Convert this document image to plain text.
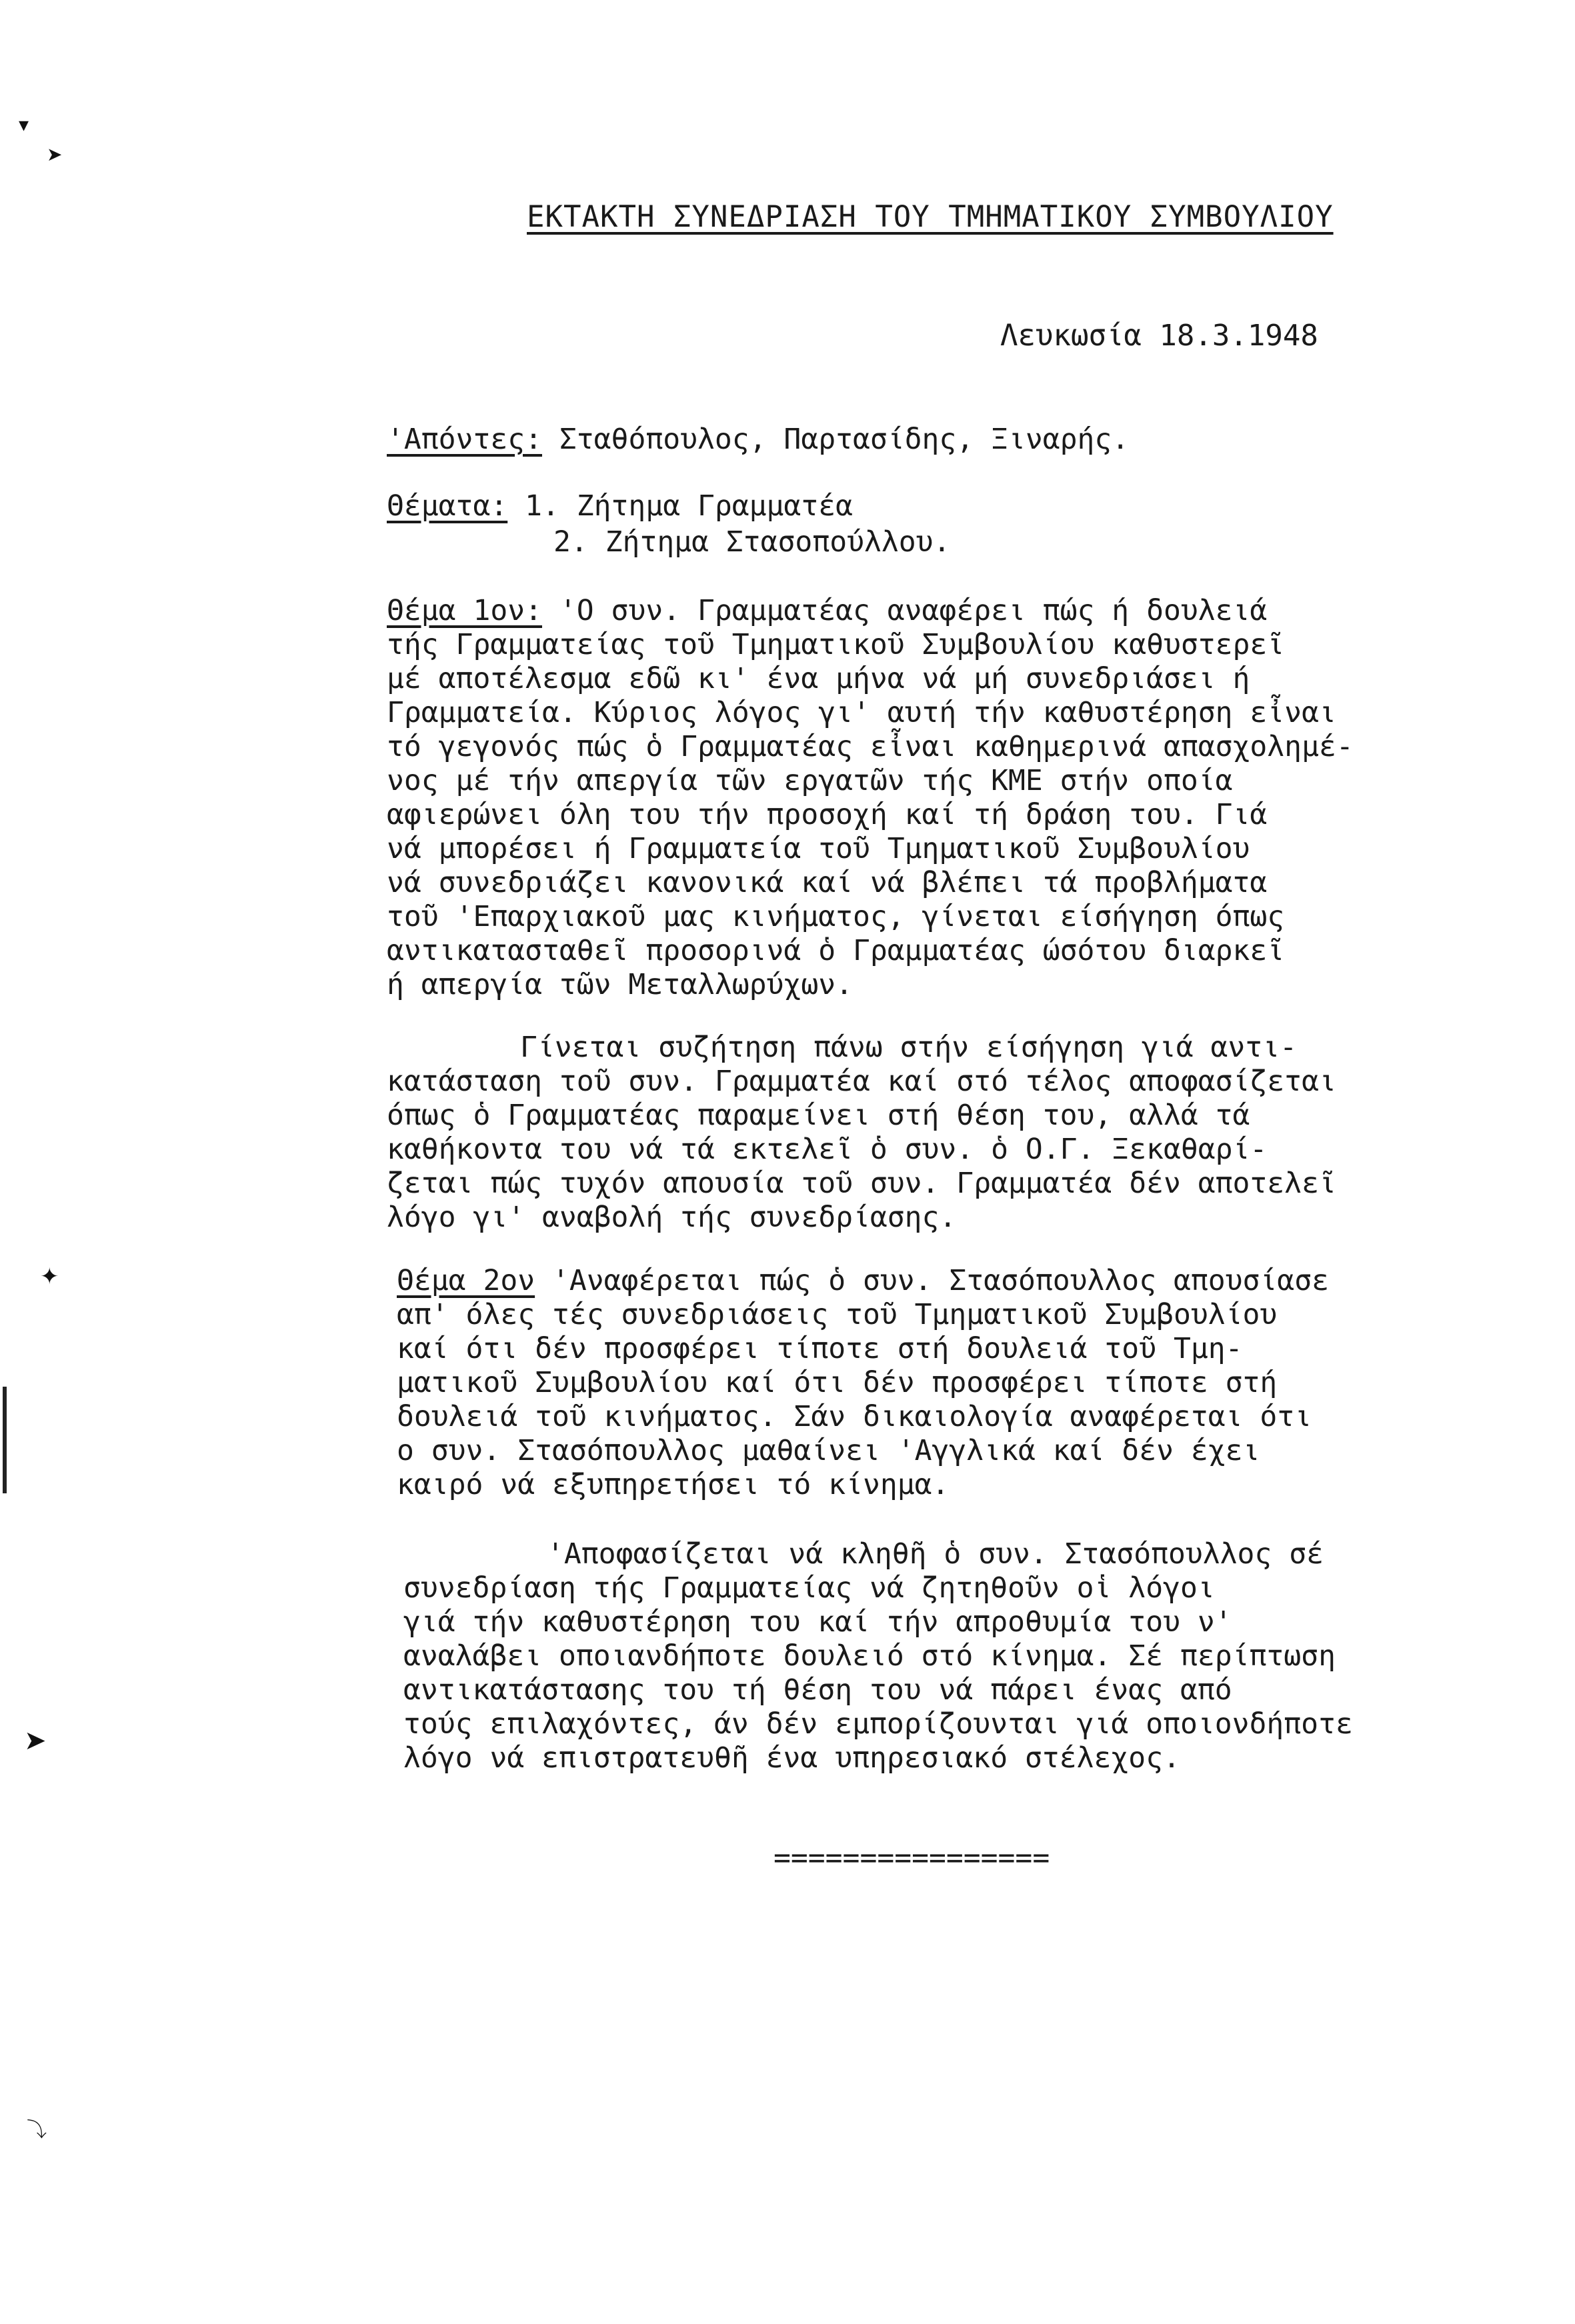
▾
➤
✦
➤
⤵
ΕΚΤΑΚΤΗ ΣΥΝΕΔΡΙΑΣΗ ΤΟΥ ΤΜΗΜΑΤΙΚΟΥ ΣΥΜΒΟΥΛΙΟΥ
Λευκωσία 18.3.1948
'Απόντες: Σταθόπουλος, Παρτασίδης, Ξιναρής.
Θέματα: 1. Ζήτημα Γραμματέα
2. Ζήτημα Στασοπούλλου.
Θέμα 1ον: 'Ο συν. Γραμματέας αναφέρει πώς ή δουλειά
τής Γραμματείας τοῦ Τμηματικοῦ Συμβουλίου καθυστερεῖ
μέ αποτέλεσμα εδῶ κι' ένα μήνα νά μή συνεδριάσει ή
Γραμματεία. Κύριος λόγος γι' αυτή τήν καθυστέρηση εἶναι
τό γεγονός πώς ὁ Γραμματέας εἶναι καθημερινά απασχολημέ-
νος μέ τήν απεργία τῶν εργατῶν τής ΚΜΕ στήν οποία
αφιερώνει όλη του τήν προσοχή καί τή δράση του. Γιά
νά μπορέσει ή Γραμματεία τοῦ Τμηματικοῦ Συμβουλίου
νά συνεδριάζει κανονικά καί νά βλέπει τά προβλήματα
τοῦ 'Επαρχιακοῦ μας κινήματος, γίνεται είσήγηση όπως
αντικατασταθεῖ προσορινά ὁ Γραμματέας ώσότου διαρκεῖ
ή απεργία τῶν Μεταλλωρύχων.
Γίνεται συζήτηση πάνω στήν είσήγηση γιά αντι-
κατάσταση τοῦ συν. Γραμματέα καί στό τέλος αποφασίζεται
όπως ὁ Γραμματέας παραμείνει στή θέση του, αλλά τά
καθήκοντα του νά τά εκτελεῖ ὁ συν. ὁ Ο.Γ. Ξεκαθαρί-
ζεται πώς τυχόν απουσία τοῦ συν. Γραμματέα δέν αποτελεῖ
λόγο γι' αναβολή τής συνεδρίασης.
Θέμα 2ον 'Αναφέρεται πώς ὁ συν. Στασόπουλλος απουσίασε
απ' όλες τές συνεδριάσεις τοῦ Τμηματικοῦ Συμβουλίου
καί ότι δέν προσφέρει τίποτε στή δουλειά τοῦ Τμη-
ματικοῦ Συμβουλίου καί ότι δέν προσφέρει τίποτε στή
δουλειά τοῦ κινήματος. Σάν δικαιολογία αναφέρεται ότι
ο συν. Στασόπουλλος μαθαίνει 'Αγγλικά καί δέν έχει
καιρό νά εξυπηρετήσει τό κίνημα.
'Αποφασίζεται νά κληθῆ ὁ συν. Στασόπουλλος σέ
συνεδρίαση τής Γραμματείας νά ζητηθοῦν οἱ λόγοι
γιά τήν καθυστέρηση του καί τήν απροθυμία του ν'
αναλάβει οποιανδήποτε δουλειό στό κίνημα. Σέ περίπτωση
αντικατάστασης του τή θέση του νά πάρει ένας από
τούς επιλαχόντες, άν δέν εμπορίζουνται γιά οποιονδήποτε
λόγο νά επιστρατευθῆ ένα υπηρεσιακό στέλεχος.
================
